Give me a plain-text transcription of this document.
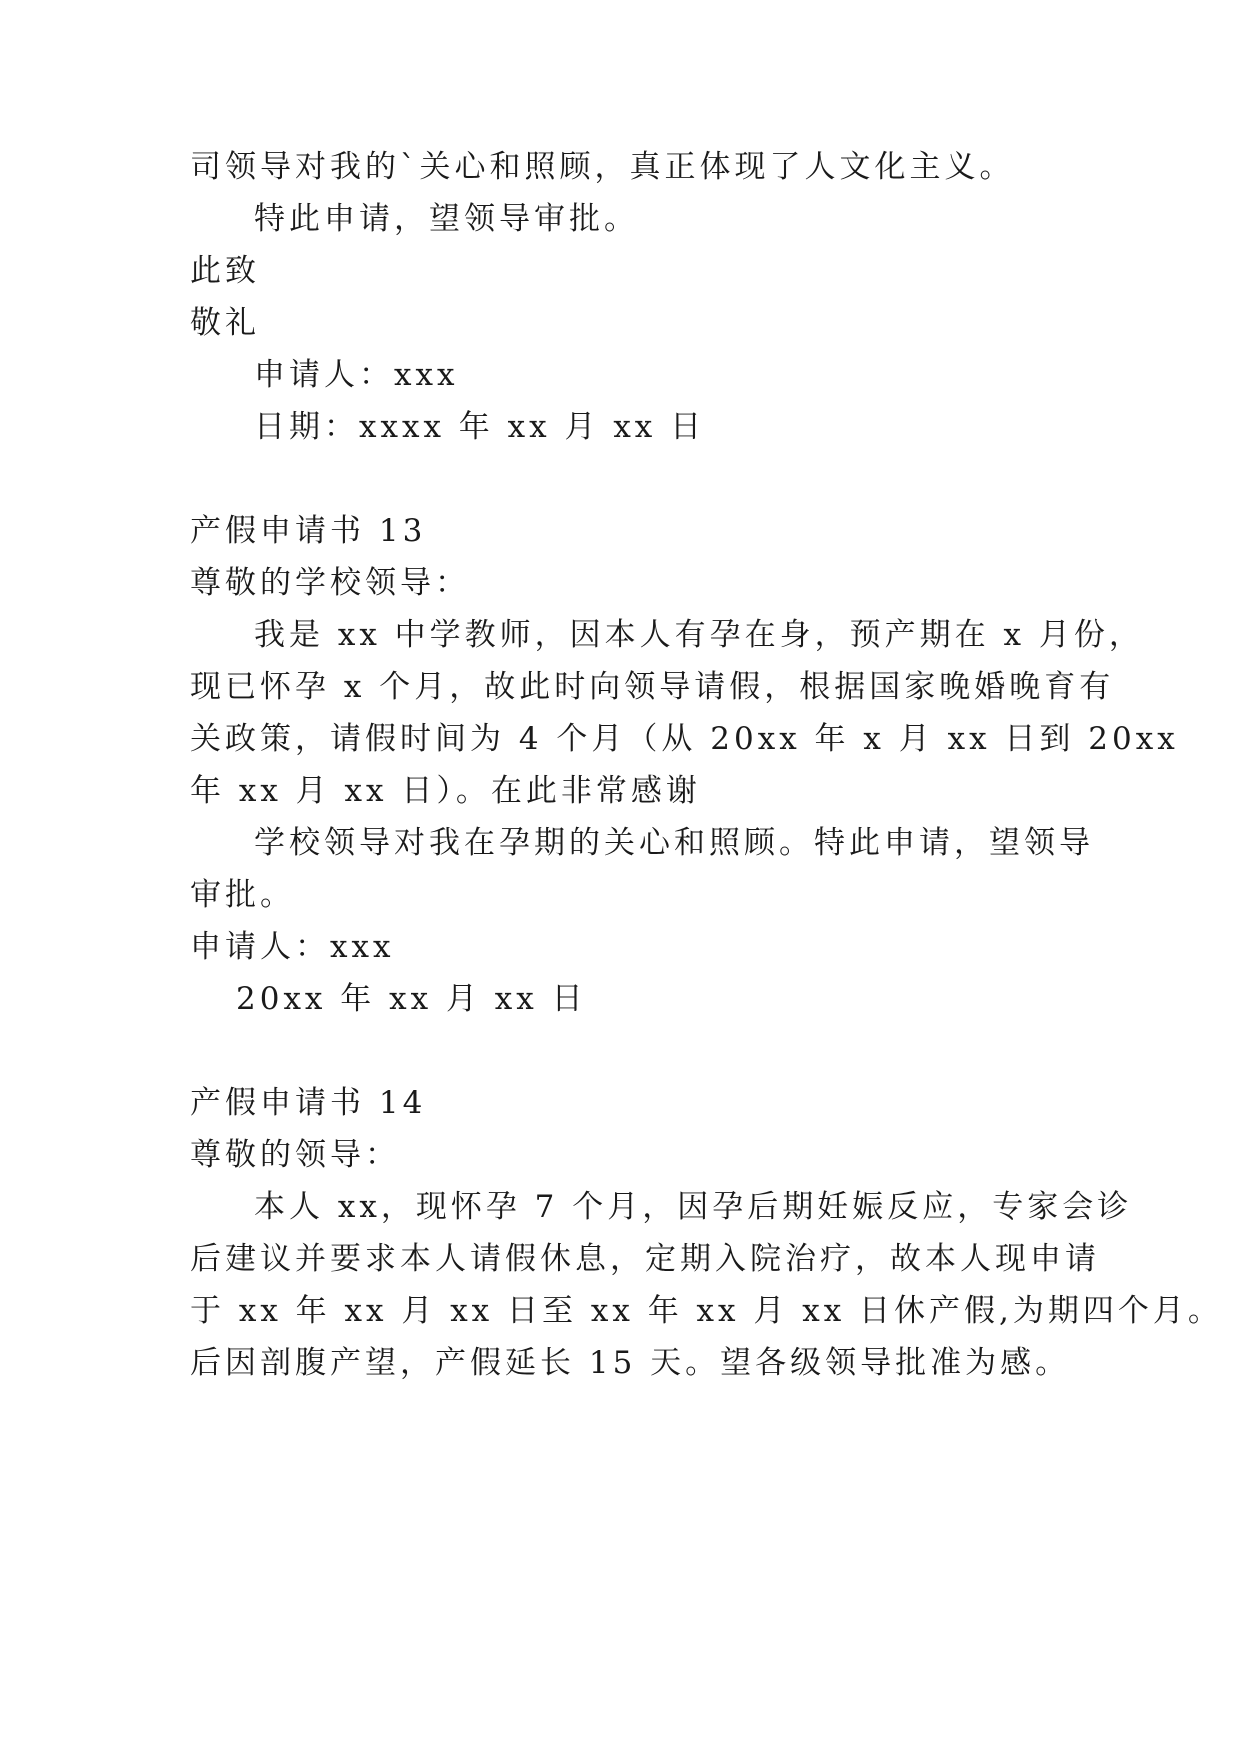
司领导对我的`关心和照顾，真正体现了人文化主义。
特此申请，望领导审批。
此致
敬礼
申请人：xxx
日期：xxxx 年 xx 月 xx 日
产假申请书 13
尊敬的学校领导：
我是 xx 中学教师，因本人有孕在身，预产期在 x 月份，
现已怀孕 x 个月，故此时向领导请假，根据国家晚婚晚育有
关政策，请假时间为 4 个月（从 20xx 年 x 月 xx 日到 20xx
年 xx 月 xx 日）。在此非常感谢
学校领导对我在孕期的关心和照顾。特此申请，望领导
审批。
申请人：xxx
20xx 年 xx 月 xx 日
产假申请书 14
尊敬的领导：
本人 xx，现怀孕 7 个月，因孕后期妊娠反应，专家会诊
后建议并要求本人请假休息，定期入院治疗，故本人现申请
于 xx 年 xx 月 xx 日至 xx 年 xx 月 xx 日休产假,为期四个月。
后因剖腹产望，产假延长 15 天。望各级领导批准为感。
